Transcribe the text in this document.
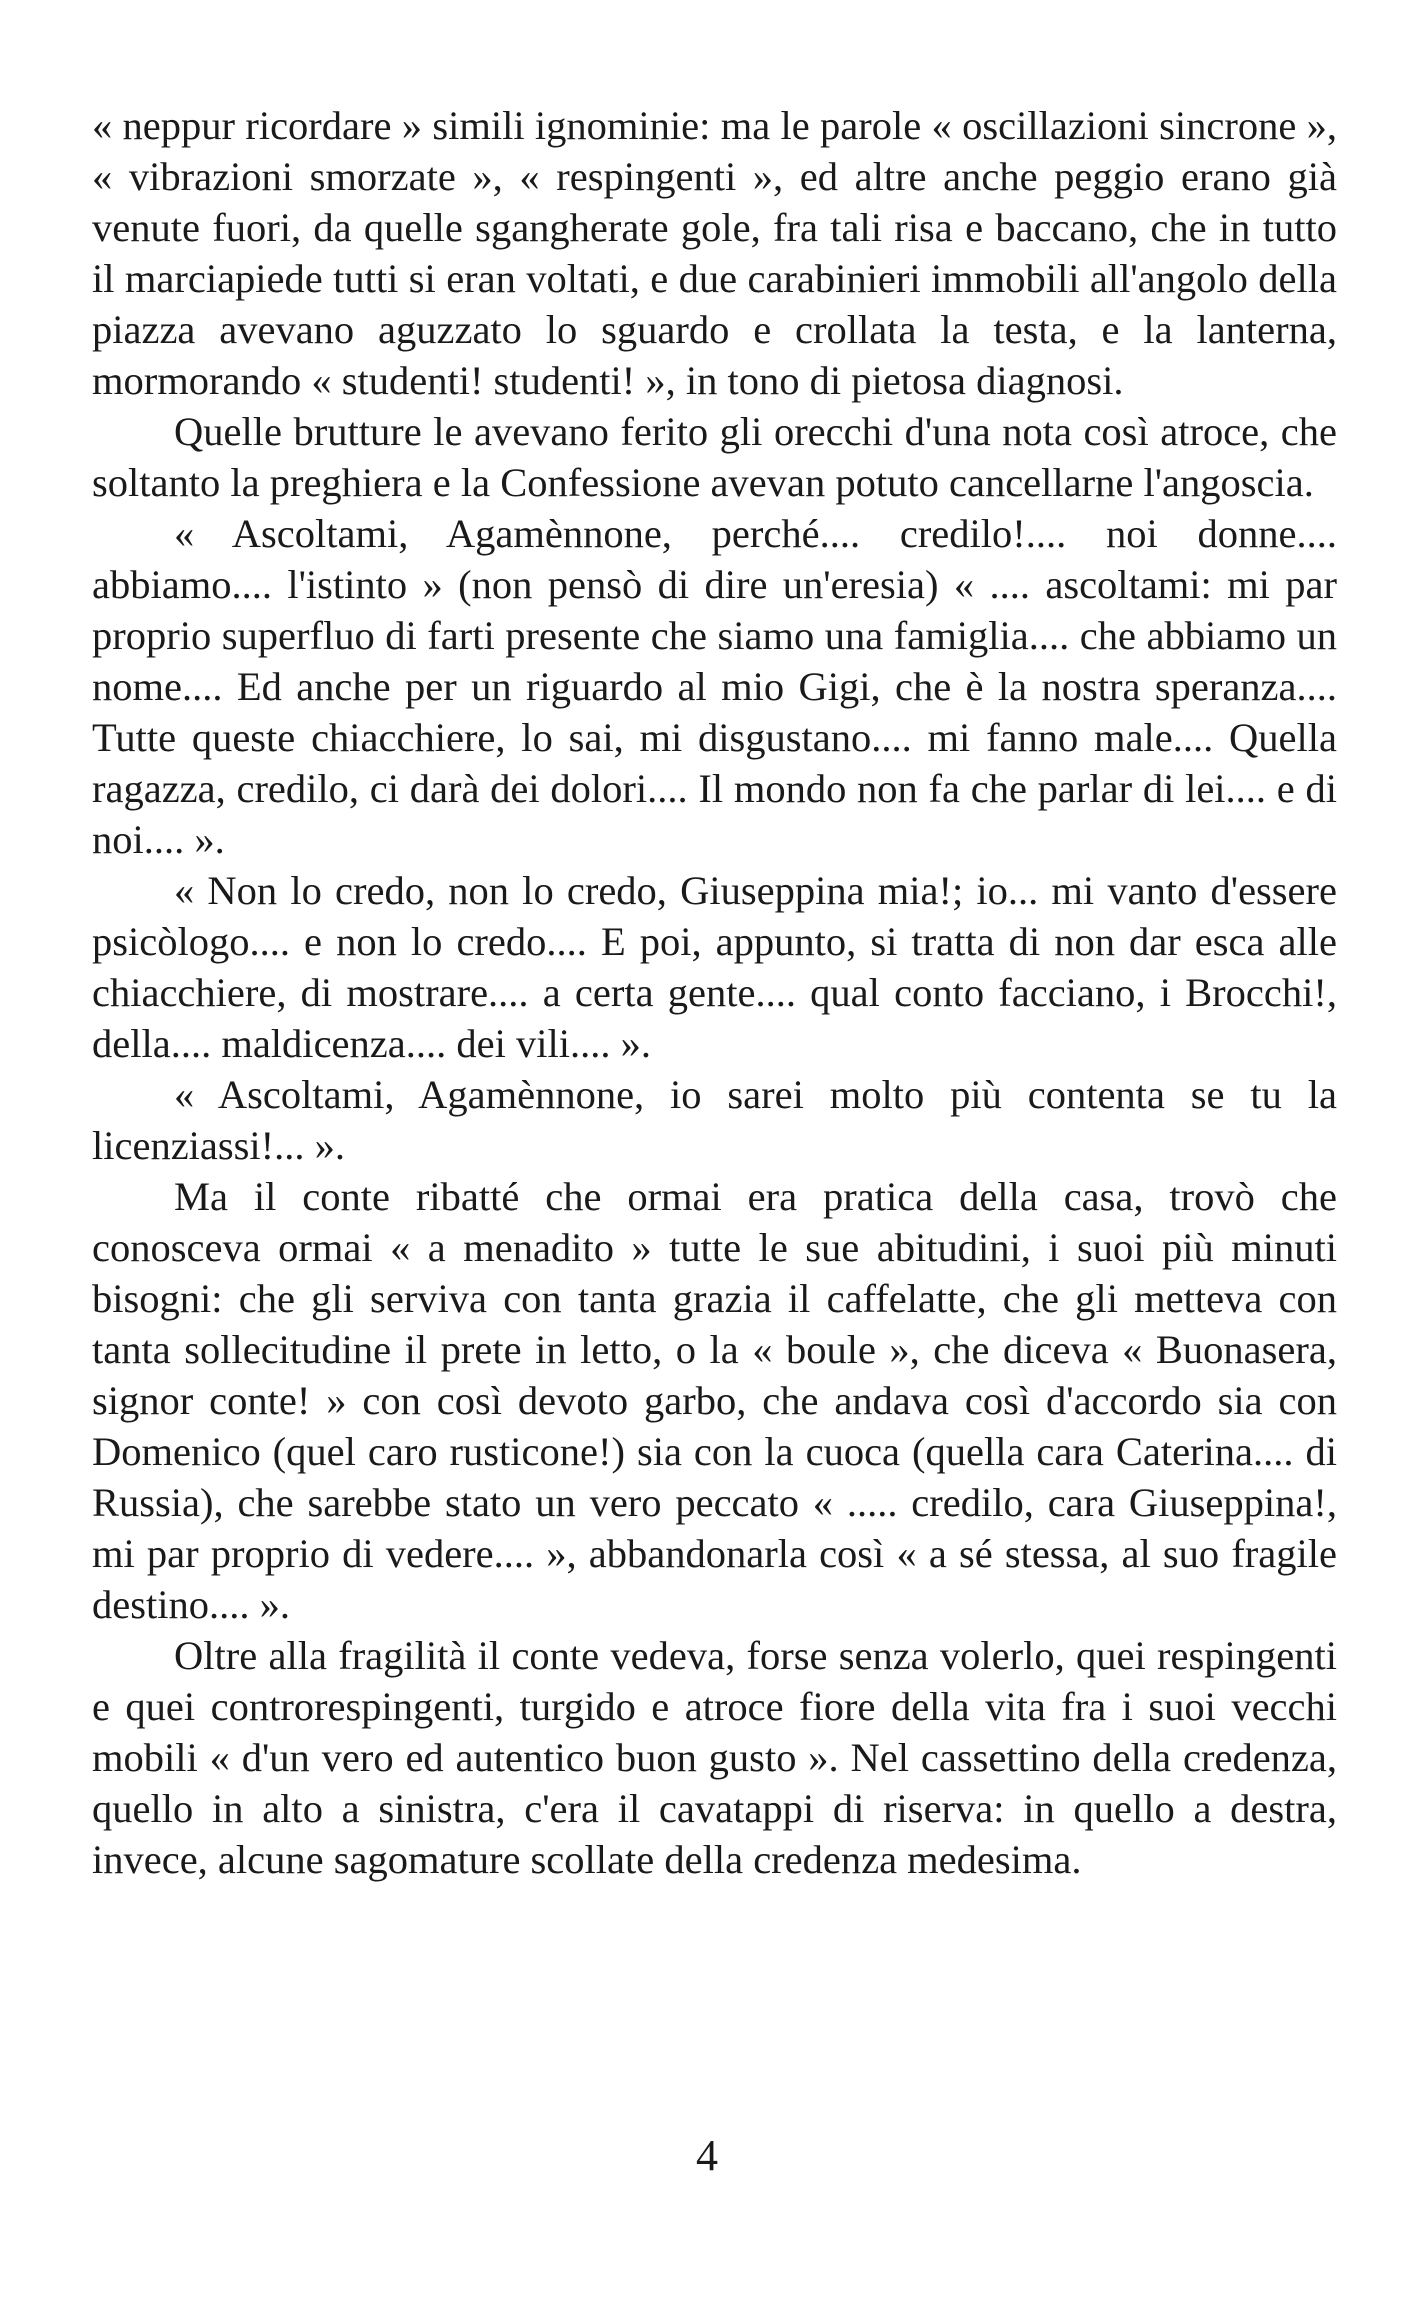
« neppur ricordare » simili ignominie: ma le parole « oscillazioni sincrone », « vibrazioni smorzate », « respingenti », ed altre anche peggio erano già venute fuori, da quelle sgangherate gole, fra tali risa e baccano, che in tutto il marciapiede tutti si eran voltati, e due carabinieri immobili all'angolo della piazza avevano aguzzato lo sguardo e crollata la testa, e la lanterna, mormorando « studenti! studenti! », in tono di pietosa diagnosi.

Quelle brutture le avevano ferito gli orecchi d'una nota così atroce, che soltanto la preghiera e la Confessione avevan potuto cancellarne l'angoscia.

« Ascoltami, Agamènnone, perché.... credilo!.... noi donne.... abbiamo.... l'istinto » (non pensò di dire un'eresia) « .... ascoltami: mi par proprio superfluo di farti presente che siamo una famiglia.... che abbiamo un nome.... Ed anche per un riguardo al mio Gigi, che è la nostra speranza.... Tutte queste chiacchiere, lo sai, mi disgustano.... mi fanno male.... Quella ragazza, credilo, ci darà dei dolori.... Il mondo non fa che parlar di lei.... e di noi.... ».

« Non lo credo, non lo credo, Giuseppina mia!; io... mi vanto d'essere psicòlogo.... e non lo credo.... E poi, appunto, si tratta di non dar esca alle chiacchiere, di mostrare.... a certa gente.... qual conto facciano, i Brocchi!, della.... maldicenza.... dei vili.... ».

« Ascoltami, Agamènnone, io sarei molto più contenta se tu la licenziassi!... ».

Ma il conte ribatté che ormai era pratica della casa, trovò che conosceva ormai « a menadito » tutte le sue abitudini, i suoi più minuti bisogni: che gli serviva con tanta grazia il caffelatte, che gli metteva con tanta sollecitudine il prete in letto, o la « boule », che diceva « Buonasera, signor conte! » con così devoto garbo, che andava così d'accordo sia con Domenico (quel caro rusticone!) sia con la cuoca (quella cara Caterina.... di Russia), che sarebbe stato un vero peccato « ..... credilo, cara Giuseppina!, mi par proprio di vedere.... », abbandonarla così « a sé stessa, al suo fragile destino.... ».

Oltre alla fragilità il conte vedeva, forse senza volerlo, quei respingenti e quei controrespingenti, turgido e atroce fiore della vita fra i suoi vecchi mobili « d'un vero ed autentico buon gusto ». Nel cassettino della credenza, quello in alto a sinistra, c'era il cavatappi di riserva: in quello a destra, invece, alcune sagomature scollate della credenza medesima.

4
